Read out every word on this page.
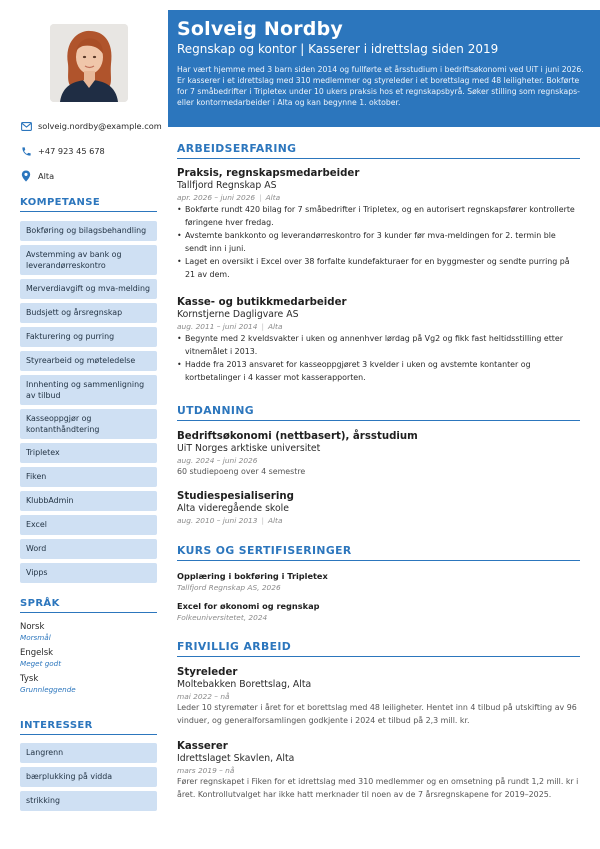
solveig.nordby@example.com
+47 923 45 678
Alta
KOMPETANSE
Bokføring og bilagsbehandling
Avstemming av bank og leverandørreskontro
Merverdiavgift og mva-melding
Budsjett og årsregnskap
Fakturering og purring
Styrearbeid og møteledelse
Innhenting og sammenligning av tilbud
Kasseoppgjør og kontanthåndtering
Tripletex
Fiken
KlubbAdmin
Excel
Word
Vipps
SPRÅK
Norsk
Morsmål
Engelsk
Meget godt
Tysk
Grunnleggende
INTERESSER
Langrenn
bærplukking på vidda
strikking
Solveig Nordby
Regnskap og kontor | Kasserer i idrettslag siden 2019
Har vært hjemme med 3 barn siden 2014 og fullførte et årsstudium i bedriftsøkonomi ved UiT i juni 2026. Er kasserer i et idrettslag med 310 medlemmer og styreleder i et borettslag med 48 leiligheter. Bokførte for 7 småbedrifter i Tripletex under 10 ukers praksis hos et regnskapsbyrå. Søker stilling som regnskaps- eller kontormedarbeider i Alta og kan begynne 1. oktober.
ARBEIDSERFARING
Praksis, regnskapsmedarbeider
Tallfjord Regnskap AS
apr. 2026 – juni 2026 | Alta
• Bokførte rundt 420 bilag for 7 småbedrifter i Tripletex, og en autorisert regnskapsfører kontrollerte føringene hver fredag.
• Avstemte bankkonto og leverandørreskontro for 3 kunder før mva-meldingen for 2. termin ble sendt inn i juni.
• Laget en oversikt i Excel over 38 forfalte kundefakturaer for en byggmester og sendte purring på 21 av dem.
Kasse- og butikkmedarbeider
Kornstjerne Dagligvare AS
aug. 2011 – juni 2014 | Alta
• Begynte med 2 kveldsvakter i uken og annenhver lørdag på Vg2 og fikk fast heltidsstilling etter vitnemålet i 2013.
• Hadde fra 2013 ansvaret for kasseoppgjøret 3 kvelder i uken og avstemte kontanter og kortbetalinger i 4 kasser mot kasserapporten.
UTDANNING
Bedriftsøkonomi (nettbasert), årsstudium
UiT Norges arktiske universitet
aug. 2024 – juni 2026
60 studiepoeng over 4 semestre
Studiespesialisering
Alta videregående skole
aug. 2010 – juni 2013 | Alta
KURS OG SERTIFISERINGER
Opplæring i bokføring i Tripletex
Tallfjord Regnskap AS, 2026
Excel for økonomi og regnskap
Folkeuniversitetet, 2024
FRIVILLIG ARBEID
Styreleder
Moltebakken Borettslag, Alta
mai 2022 – nå
Leder 10 styremøter i året for et borettslag med 48 leiligheter. Hentet inn 4 tilbud på utskifting av 96 vinduer, og generalforsamlingen godkjente i 2024 et tilbud på 2,3 mill. kr.
Kasserer
Idrettslaget Skavlen, Alta
mars 2019 – nå
Fører regnskapet i Fiken for et idrettslag med 310 medlemmer og en omsetning på rundt 1,2 mill. kr i året. Kontrollutvalget har ikke hatt merknader til noen av de 7 årsregnskapene for 2019–2025.
